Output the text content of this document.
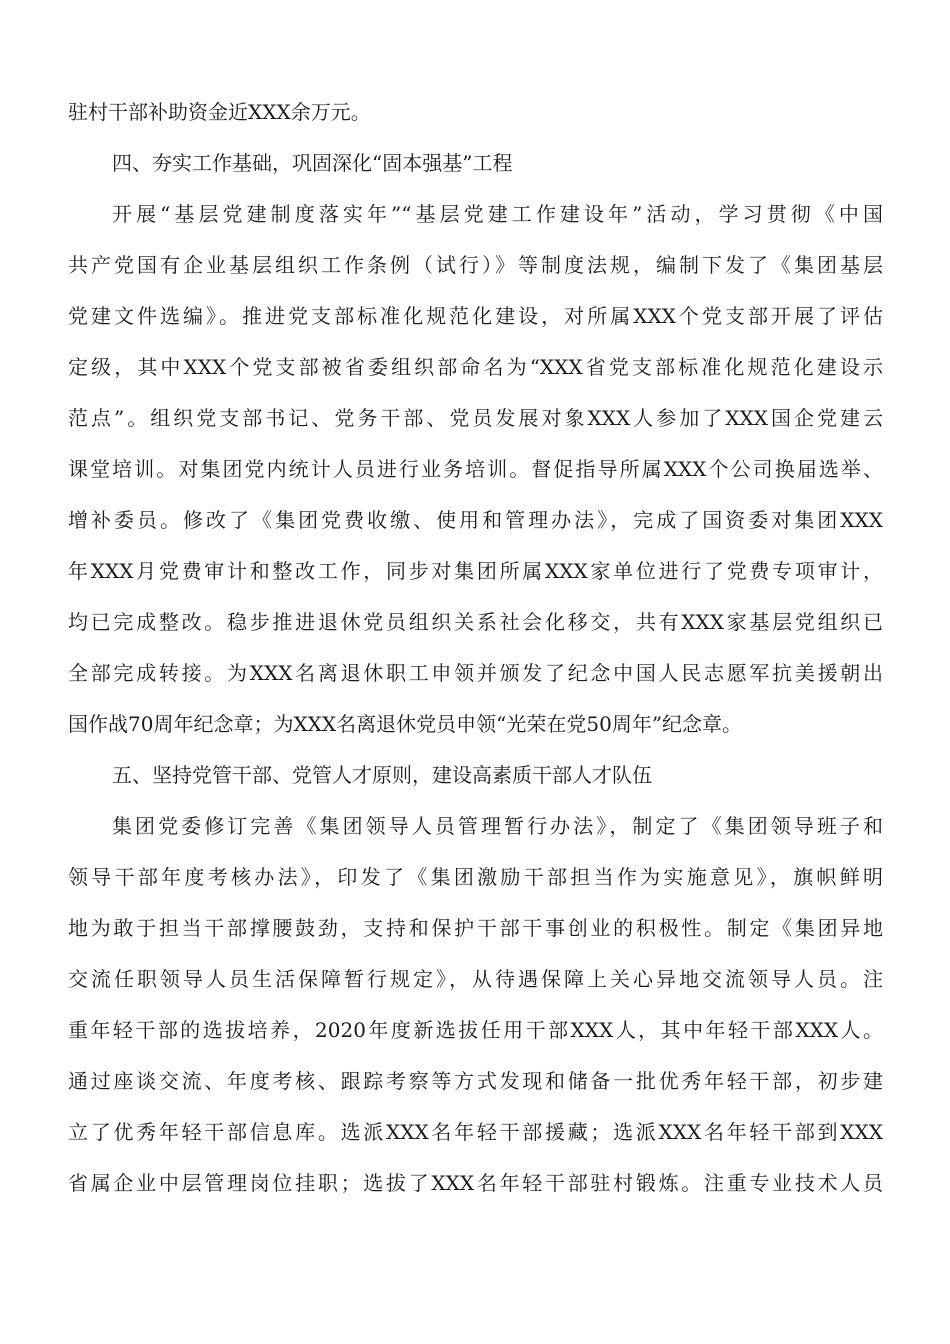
驻村干部补助资金近XXX余万元。
四、夯实工作基础，巩固深化“固本强基”工程
开展“基层党建制度落实年”“基层党建工作建设年”活动，学习贯彻《中国
共产党国有企业基层组织工作条例（试行）》等制度法规，编制下发了《集团基层
党建文件选编》。推进党支部标准化规范化建设，对所属XXX个党支部开展了评估
定级，其中XXX个党支部被省委组织部命名为“XXX省党支部标准化规范化建设示
范点”。组织党支部书记、党务干部、党员发展对象XXX人参加了XXX国企党建云
课堂培训。对集团党内统计人员进行业务培训。督促指导所属XXX个公司换届选举、
增补委员。修改了《集团党费收缴、使用和管理办法》，完成了国资委对集团XXX
年XXX月党费审计和整改工作，同步对集团所属XXX家单位进行了党费专项审计，
均已完成整改。稳步推进退休党员组织关系社会化移交，共有XXX家基层党组织已
全部完成转接。为XXX名离退休职工申领并颁发了纪念中国人民志愿军抗美援朝出
国作战70周年纪念章；为XXX名离退休党员申领“光荣在党50周年”纪念章。
五、坚持党管干部、党管人才原则，建设高素质干部人才队伍
集团党委修订完善《集团领导人员管理暂行办法》，制定了《集团领导班子和
领导干部年度考核办法》，印发了《集团激励干部担当作为实施意见》，旗帜鲜明
地为敢于担当干部撑腰鼓劲，支持和保护干部干事创业的积极性。制定《集团异地
交流任职领导人员生活保障暂行规定》，从待遇保障上关心异地交流领导人员。注
重年轻干部的选拔培养，2020年度新选拔任用干部XXX人，其中年轻干部XXX人。
通过座谈交流、年度考核、跟踪考察等方式发现和储备一批优秀年轻干部，初步建
立了优秀年轻干部信息库。选派XXX名年轻干部援藏；选派XXX名年轻干部到XXX
省属企业中层管理岗位挂职；选拔了XXX名年轻干部驻村锻炼。注重专业技术人员
